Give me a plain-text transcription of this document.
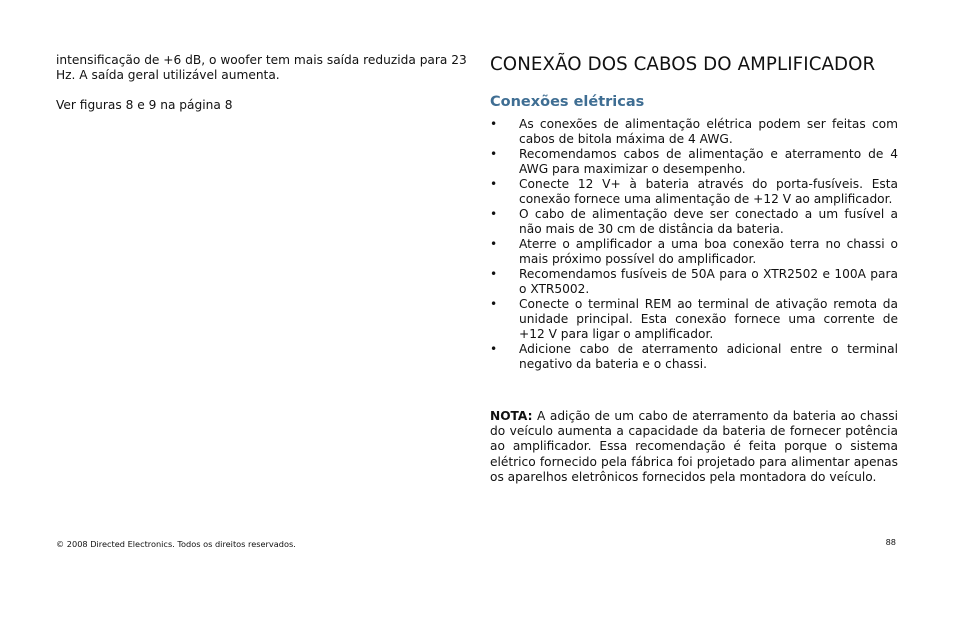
intensificação de +6 dB, o woofer tem mais saída reduzida para 23 Hz. A saída geral utilizável aumenta.

Ver figuras 8 e 9 na página 8

CONEXÃO DOS CABOS DO AMPLIFICADOR
Conexões elétricas
• As conexões de alimentação elétrica podem ser feitas com cabos de bitola máxima de 4 AWG.
• Recomendamos cabos de alimentação e aterramento de 4 AWG para maximizar o desempenho.
• Conecte 12 V+ à bateria através do porta-fusíveis. Esta conexão fornece uma alimentação de +12 V ao amplificador.
• O cabo de alimentação deve ser conectado a um fusível a não mais de 30 cm de distância da bateria.
• Aterre o amplificador a uma boa conexão terra no chassi o mais próximo possível do amplificador.
• Recomendamos fusíveis de 50A para o XTR2502 e 100A para o XTR5002.
• Conecte o terminal REM ao terminal de ativação remota da unidade principal. Esta conexão fornece uma corrente de +12 V para ligar o amplificador.
• Adicione cabo de aterramento adicional entre o terminal negativo da bateria e o chassi.

NOTA: A adição de um cabo de aterramento da bateria ao chassi do veículo aumenta a capacidade da bateria de fornecer potência ao amplificador. Essa recomendação é feita porque o sistema elétrico fornecido pela fábrica foi projetado para alimentar apenas os aparelhos eletrônicos fornecidos pela montadora do veículo.

© 2008 Directed Electronics. Todos os direitos reservados.	88
